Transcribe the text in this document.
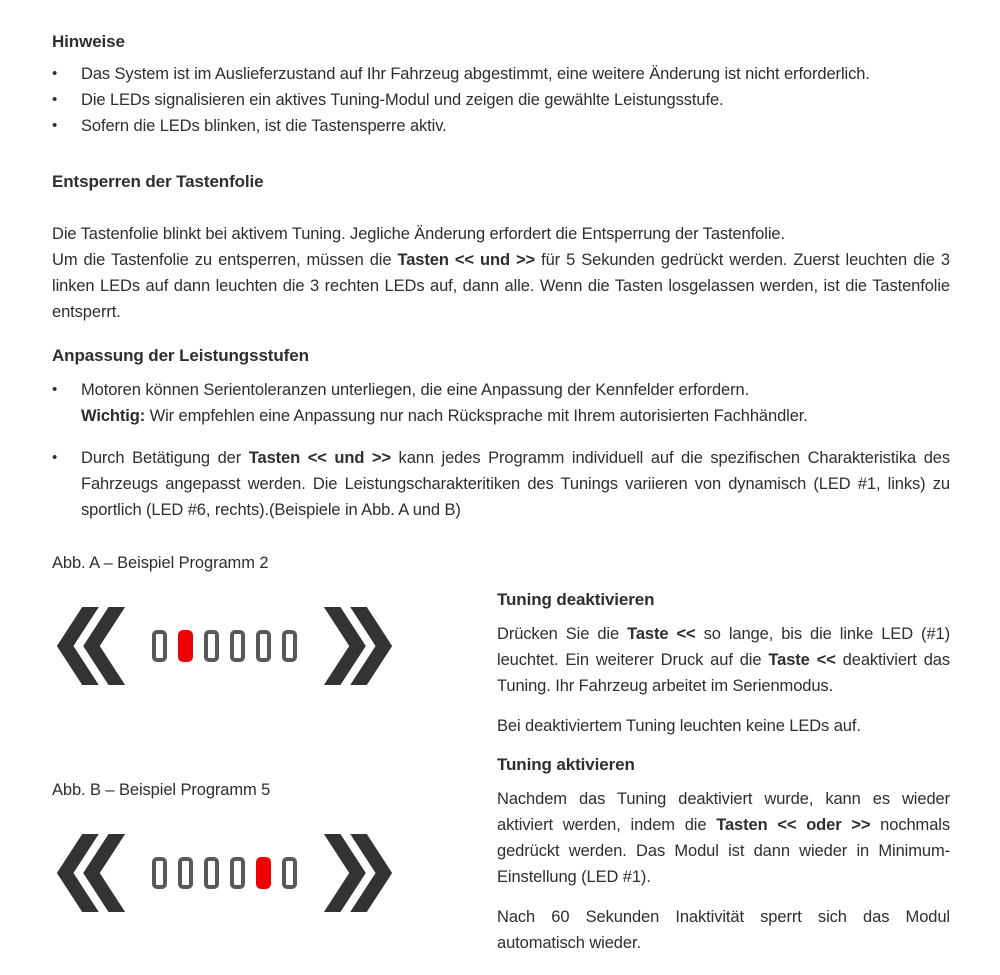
Hinweise
•	Das System ist im Auslieferzustand auf Ihr Fahrzeug abgestimmt, eine weitere Änderung ist nicht erforderlich.
•	Die LEDs signalisieren ein aktives Tuning-Modul und zeigen die gewählte Leistungsstufe.
•	Sofern die LEDs blinken, ist die Tastensperre aktiv.
Entsperren der Tastenfolie

Die Tastenfolie blinkt bei aktivem Tuning. Jegliche Änderung erfordert die Entsperrung der Tastenfolie.

Um die Tastenfolie zu entsperren, müssen die Tasten << und >> für 5 Sekunden gedrückt werden. Zuerst leuchten die 3 linken LEDs auf dann leuchten die 3 rechten LEDs auf, dann alle. Wenn die Tasten losgelassen werden, ist die Tastenfolie entsperrt.

Anpassung der Leistungsstufen
•	Motoren können Serientoleranzen unterliegen, die eine Anpassung der Kennfelder erfordern.
Wichtig: Wir empfehlen eine Anpassung nur nach Rücksprache mit Ihrem autorisierten Fachhändler.
•	Durch Betätigung der Tasten << und >> kann jedes Programm individuell auf die spezifischen Charakteristika des Fahrzeugs angepasst werden. Die Leistungscharakteritiken des Tunings variieren von dynamisch (LED #1, links) zu sportlich (LED #6, rechts).(Beispiele in Abb. A und B)

Abb. A – Beispiel Programm 2

Abb. B – Beispiel Programm 5

Tuning deaktivieren

Drücken Sie die Taste << so lange, bis die linke LED (#1) leuchtet. Ein weiterer Druck auf die Taste << deaktiviert das Tuning. Ihr Fahrzeug arbeitet im Serienmodus.

Bei deaktiviertem Tuning leuchten keine LEDs auf.

Tuning aktivieren

Nachdem das Tuning deaktiviert wurde, kann es wieder aktiviert werden, indem die Tasten << oder >> nochmals gedrückt werden. Das Modul ist dann wieder in Minimum-Einstellung (LED #1).

Nach 60 Sekunden Inaktivität sperrt sich das Modul automatisch wieder.
